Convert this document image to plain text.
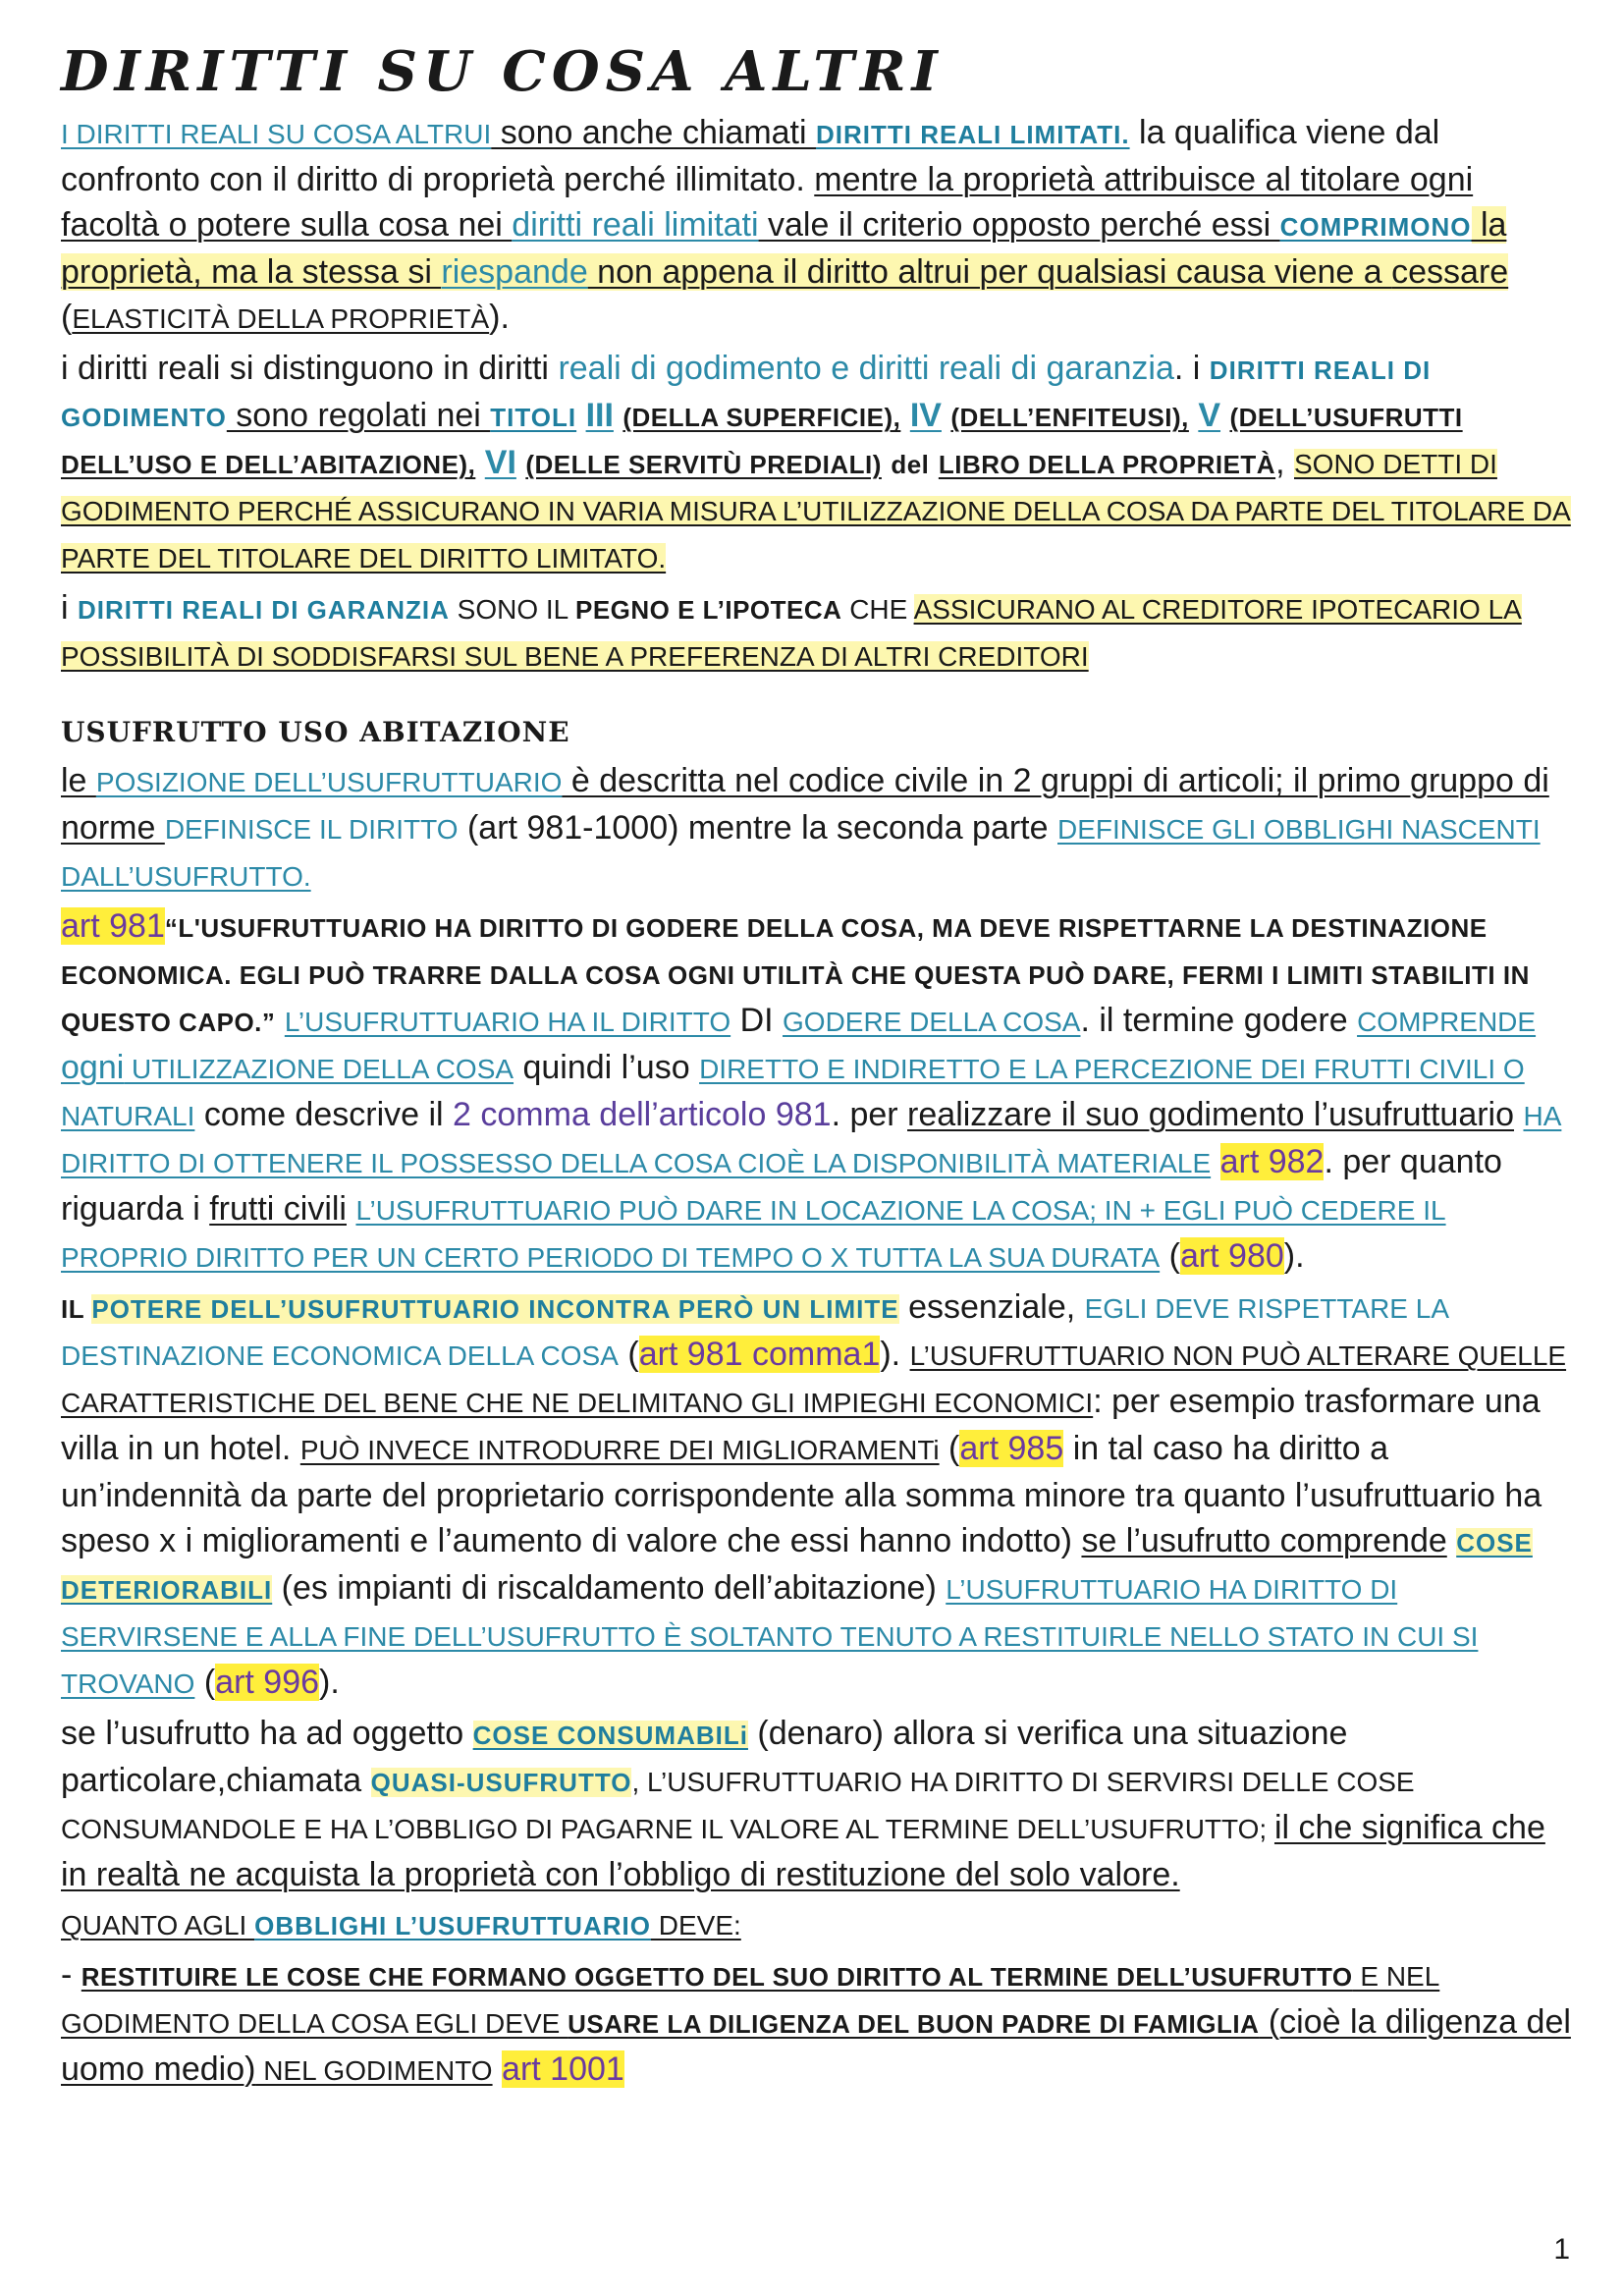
DIRITTI SU COSA ALTRI

I DIRITTI REALI SU COSA ALTRUI sono anche chiamati DIRITTI REALI LIMITATI. la qualifica viene dal confronto con il diritto di proprietà perché illimitato. mentre la proprietà attribuisce al titolare ogni facoltà o potere sulla cosa nei diritti reali limitati vale il criterio opposto perché essi COMPRIMONO la proprietà, ma la stessa si riespande non appena il diritto altrui per qualsiasi causa viene a cessare (ELASTICITÀ DELLA PROPRIETÀ).

i diritti reali si distinguono in diritti reali di godimento e diritti reali di garanzia. i DIRITTI REALI DI GODIMENTO sono regolati nei TITOLI III (DELLA SUPERFICIE), IV (DELL’ENFITEUSI), V (DELL’USUFRUTTI DELL’USO E DELL’ABITAZIONE), VI (DELLE SERVITÙ PREDIALI) del LIBRO DELLA PROPRIETÀ, SONO DETTI DI GODIMENTO PERCHÉ ASSICURANO IN VARIA MISURA L’UTILIZZAZIONE DELLA COSA DA PARTE DEL TITOLARE DA PARTE DEL TITOLARE DEL DIRITTO LIMITATO.

i DIRITTI REALI DI GARANZIA SONO IL PEGNO E L’IPOTECA CHE ASSICURANO AL CREDITORE IPOTECARIO LA POSSIBILITÀ DI SODDISFARSI SUL BENE A PREFERENZA DI ALTRI CREDITORI

USUFRUTTO USO ABITAZIONE

le POSIZIONE DELL’USUFRUTTUARIO è descritta nel codice civile in 2 gruppi di articoli; il primo gruppo di norme DEFINISCE IL DIRITTO (art 981-1000) mentre la seconda parte DEFINISCE GLI OBBLIGHI NASCENTI DALL’USUFRUTTO.

art 981“L'USUFRUTTUARIO HA DIRITTO DI GODERE DELLA COSA, MA DEVE RISPETTARNE LA DESTINAZIONE ECONOMICA. EGLI PUÒ TRARRE DALLA COSA OGNI UTILITÀ CHE QUESTA PUÒ DARE, FERMI I LIMITI STABILITI IN QUESTO CAPO.” L’USUFRUTTUARIO HA IL DIRITTO DI GODERE DELLA COSA. il termine godere COMPRENDE ogni UTILIZZAZIONE DELLA COSA quindi l’uso DIRETTO E INDIRETTO E LA PERCEZIONE DEI FRUTTI CIVILI O NATURALI come descrive il 2 comma dell’articolo 981. per realizzare il suo godimento l’usufruttuario HA DIRITTO DI OTTENERE IL POSSESSO DELLA COSA CIOÈ LA DISPONIBILITÀ MATERIALE art 982. per quanto riguarda i frutti civili L’USUFRUTTUARIO PUÒ DARE IN LOCAZIONE LA COSA; IN + EGLI PUÒ CEDERE IL PROPRIO DIRITTO PER UN CERTO PERIODO DI TEMPO O X TUTTA LA SUA DURATA (art 980).

IL POTERE DELL’USUFRUTTUARIO INCONTRA PERÒ UN LIMITE essenziale, EGLI DEVE RISPETTARE LA DESTINAZIONE ECONOMICA DELLA COSA (art 981 comma1). L’USUFRUTTUARIO NON PUÒ ALTERARE QUELLE CARATTERISTICHE DEL BENE CHE NE DELIMITANO GLI IMPIEGHI ECONOMICI: per esempio trasformare una villa in un hotel. PUÒ INVECE INTRODURRE DEI MIGLIORAMENTi (art 985 in tal caso ha diritto a un’indennità da parte del proprietario corrispondente alla somma minore tra quanto l’usufruttuario ha speso x i miglioramenti e l’aumento di valore che essi hanno indotto) se l’usufrutto comprende COSE DETERIORABILI (es impianti di riscaldamento dell’abitazione) L’USUFRUTTUARIO HA DIRITTO DI SERVIRSENE E ALLA FINE DELL’USUFRUTTO È SOLTANTO TENUTO A RESTITUIRLE NELLO STATO IN CUI SI TROVANO (art 996).

se l’usufrutto ha ad oggetto COSE CONSUMABILi (denaro) allora si verifica una situazione particolare,chiamata QUASI-USUFRUTTO, L’USUFRUTTUARIO HA DIRITTO DI SERVIRSI DELLE COSE CONSUMANDOLE E HA L’OBBLIGO DI PAGARNE IL VALORE AL TERMINE DELL’USUFRUTTO; il che significa che in realtà ne acquista la proprietà con l’obbligo di restituzione del solo valore.

QUANTO AGLI OBBLIGHI L’USUFRUTTUARIO DEVE:

- RESTITUIRE LE COSE CHE FORMANO OGGETTO DEL SUO DIRITTO AL TERMINE DELL’USUFRUTTO E NEL GODIMENTO DELLA COSA EGLI DEVE USARE LA DILIGENZA DEL BUON PADRE DI FAMIGLIA (cioè la diligenza del uomo medio) NEL GODIMENTO art 1001

1
